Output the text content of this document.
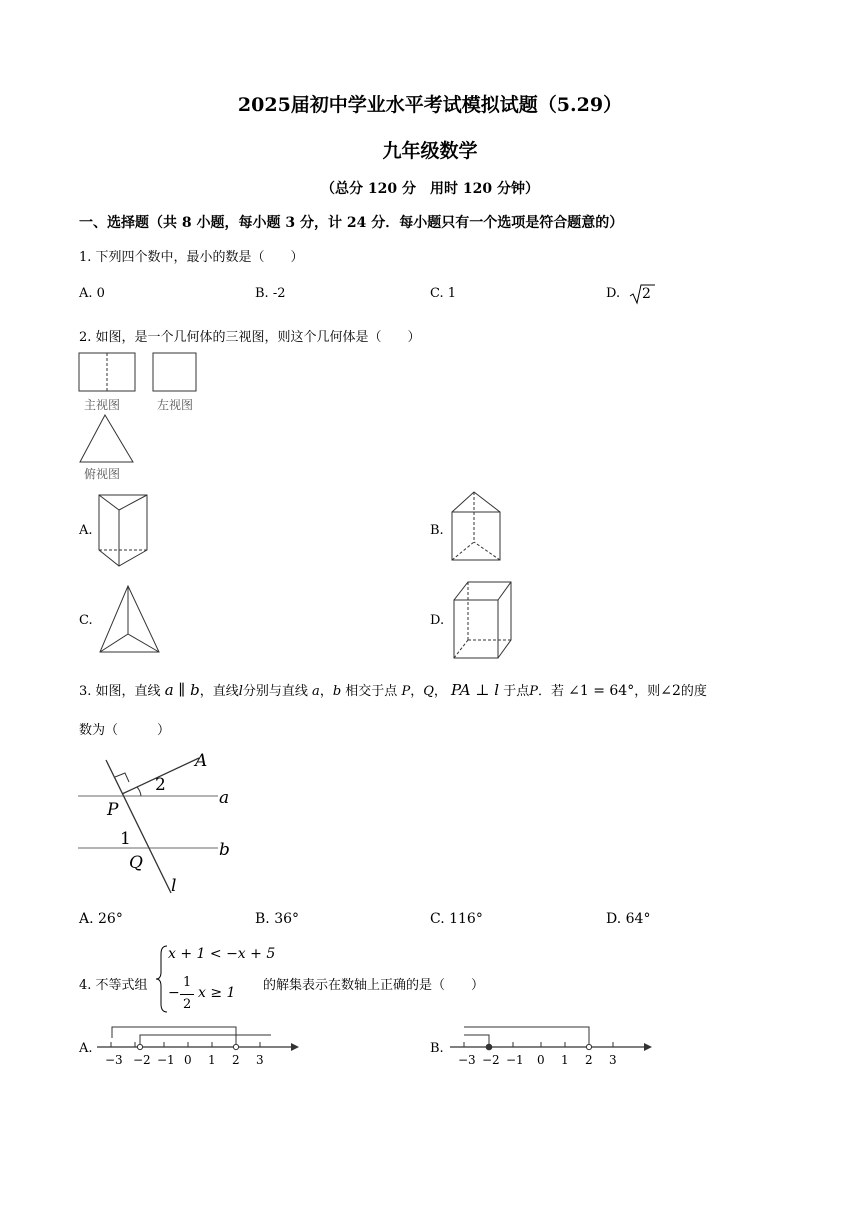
2025届初中学业水平考试模拟试题（5.29）
九年级数学
（总分 120 分　用时 120 分钟）
一、选择题（共 8 小题，每小题 3 分，计 24 分．每小题只有一个选项是符合题意的）
1. 下列四个数中，最小的数是（　　）
A. 0	B. -2	C. 1	D. 2
2. 如图，是一个几何体的三视图，则这个几何体是（　　）
主视图	左视图
俯视图
A.	B.
C.	D.
3. 如图，直线 a ∥ b，直线l分别与直线 a，b 相交于点 P，Q， PA ⊥ l 于点P．若 ∠1 = 64°，则∠2的度
数为（　　　）
2
A
a
P
1
b
Q
l
A. 26°	B. 36°	C. 116°	D. 64°
4. 不等式组
x + 1 < −x + 5
−
1
2
x ≥ 1 的解集表示在数轴上正确的是（　　）
A.
−3 −2 −1 0 1 2 3
B.
−3 −2 −1 0 1 2 3
